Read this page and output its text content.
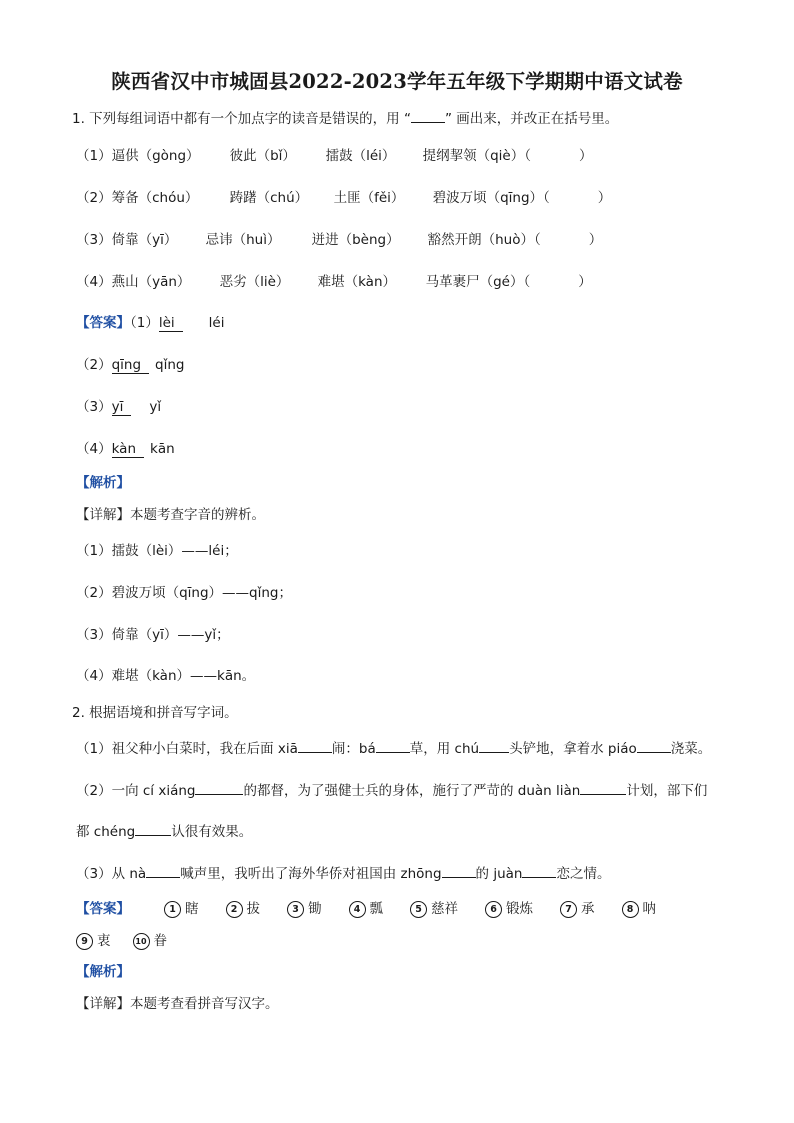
陕西省汉中市城固县2022-2023学年五年级下学期期中语文试卷
1. 下列每组词语中都有一个加点字的读音是错误的，用 “	” 画出来，并改正在括号里。
（1）逼供（gòng） 彼此（bǐ） 擂鼓（léi） 提纲挈领（qiè）（	）
（2）筹备（chóu） 踌躇（chú） 土匪（fěi） 碧波万顷（qīng）（	）
（3）倚靠（yī） 忌讳（huì） 迸进（bèng） 豁然开朗（huò）（	）
（4）燕山（yān） 恶劣（liè） 难堪（kàn） 马革裹尸（gé）（	）
【答案】（1）lèi	léi
（2）qīng qǐng
（3）yī yǐ
（4）kàn kān
【解析】
【详解】本题考查字音的辨析。
（1）擂鼓（lèi）——léi；
（2）碧波万顷（qīng）——qǐng；
（3）倚靠（yī）——yǐ；
（4）难堪（kàn）——kān。
2. 根据语境和拼音写字词。
（1）祖父种小白菜时，我在后面 xiā	闹：bá	草，用 chú 头铲地，拿着水 piáo	浇菜。
（2）一向 cí xiáng	的都督，为了强健士兵的身体，施行了严苛的 duàn liàn	计划，部下们
都 chéng	认很有效果。
（3）从 nà	喊声里，我听出了海外华侨对祖国由 zhōng	的 juàn	恋之情。
【答案】	1 瞎	2 拔	3 锄	4 瓢	5 慈祥	6 锻炼	7 承	8 呐
9 衷	10 眷
【解析】
【详解】本题考查看拼音写汉字。
